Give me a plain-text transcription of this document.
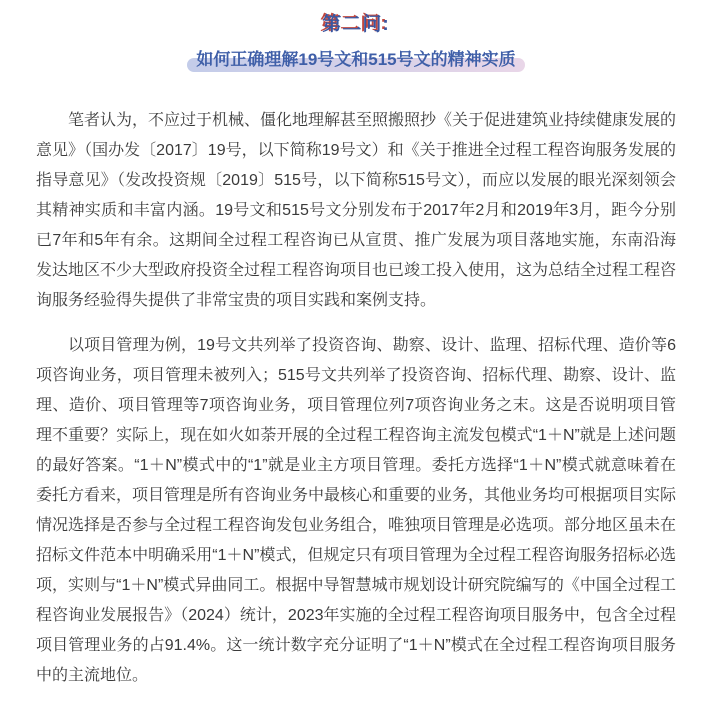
第二问:
如何正确理解19号文和515号文的精神实质

笔者认为，不应过于机械、僵化地理解甚至照搬照抄《关于促进建筑业持续健康发展的意见》（国办发〔2017〕19号，以下简称19号文）和《关于推进全过程工程咨询服务发展的指导意见》（发改投资规〔2019〕515号，以下简称515号文），而应以发展的眼光深刻领会其精神实质和丰富内涵。19号文和515号文分别发布于2017年2月和2019年3月，距今分别已7年和5年有余。这期间全过程工程咨询已从宣贯、推广发展为项目落地实施，东南沿海发达地区不少大型政府投资全过程工程咨询项目也已竣工投入使用，这为总结全过程工程咨询服务经验得失提供了非常宝贵的项目实践和案例支持。

以项目管理为例，19号文共列举了投资咨询、勘察、设计、监理、招标代理、造价等6项咨询业务，项目管理未被列入；515号文共列举了投资咨询、招标代理、勘察、设计、监理、造价、项目管理等7项咨询业务，项目管理位列7项咨询业务之末。这是否说明项目管理不重要？实际上，现在如火如荼开展的全过程工程咨询主流发包模式“1＋N”就是上述问题的最好答案。“1＋N”模式中的“1”就是业主方项目管理。委托方选择“1＋N”模式就意味着在委托方看来，项目管理是所有咨询业务中最核心和重要的业务，其他业务均可根据项目实际情况选择是否参与全过程工程咨询发包业务组合，唯独项目管理是必选项。部分地区虽未在招标文件范本中明确采用“1＋N”模式，但规定只有项目管理为全过程工程咨询服务招标必选项，实则与“1＋N”模式异曲同工。根据中导智慧城市规划设计研究院编写的《中国全过程工程咨询业发展报告》（2024）统计，2023年实施的全过程工程咨询项目服务中，包含全过程项目管理业务的占91.4%。这一统计数字充分证明了“1＋N”模式在全过程工程咨询项目服务中的主流地位。
